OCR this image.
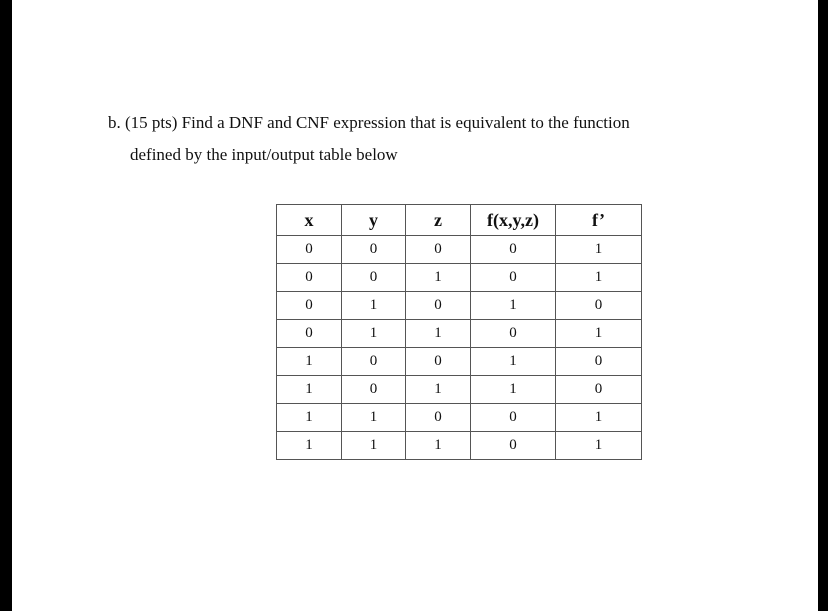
b. (15 pts) Find a DNF and CNF expression that is equivalent to the function
defined by the input/output table below
x	y	z	f(x,y,z)	f’
0	0	0	0	1
0	0	1	0	1
0	1	0	1	0
0	1	1	0	1
1	0	0	1	0
1	0	1	1	0
1	1	0	0	1
1	1	1	0	1
